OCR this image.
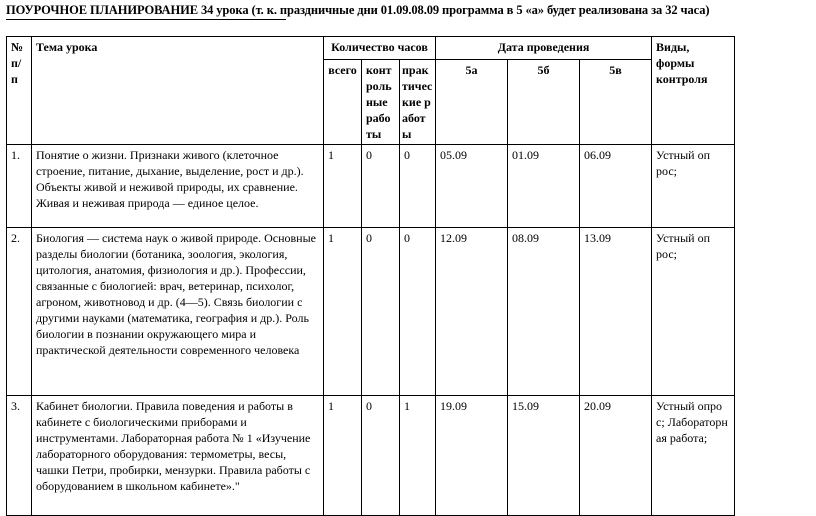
ПОУРОЧНОЕ ПЛАНИРОВАНИЕ 34 урока (т. к. праздничные дни 01.09.08.09 программа в 5 «а» будет реализована за 32 часа)
№ п/п	Тема урока	Количество часов			Дата проведения			Виды, формы контроля
		всего	контрольные работы	практические работы	5а	5б	5в	
1.	Понятие о жизни. Признаки живого (клеточное строение, питание, дыхание, выделение, рост и др.). Объекты живой и неживой природы, их сравнение. Живая и неживая природа — единое целое.	1	0	0	05.09	01.09	06.09	Устный опрос;
2.	Биология — система наук о живой природе. Основные разделы биологии (ботаника, зоология, экология, цитология, анатомия, физиология и др.). Профессии, связанные с биологией: врач, ветеринар, психолог, агроном, животновод и др. (4—5). Связь биологии с другими науками (математика, география и др.). Роль биологии в познании окружающего мира и практической деятельности современного человека	1	0	0	12.09	08.09	13.09	Устный опрос;
3.	Кабинет биологии. Правила поведения и работы в кабинете с биологическими приборами и инструментами. Лабораторная работа № 1 «Изучение лабораторного оборудования: термометры, весы, чашки Петри, пробирки, мензурки. Правила работы с оборудованием в школьном кабинете»."	1	0	1	19.09	15.09	20.09	Устный опрос; Лабораторная работа;
